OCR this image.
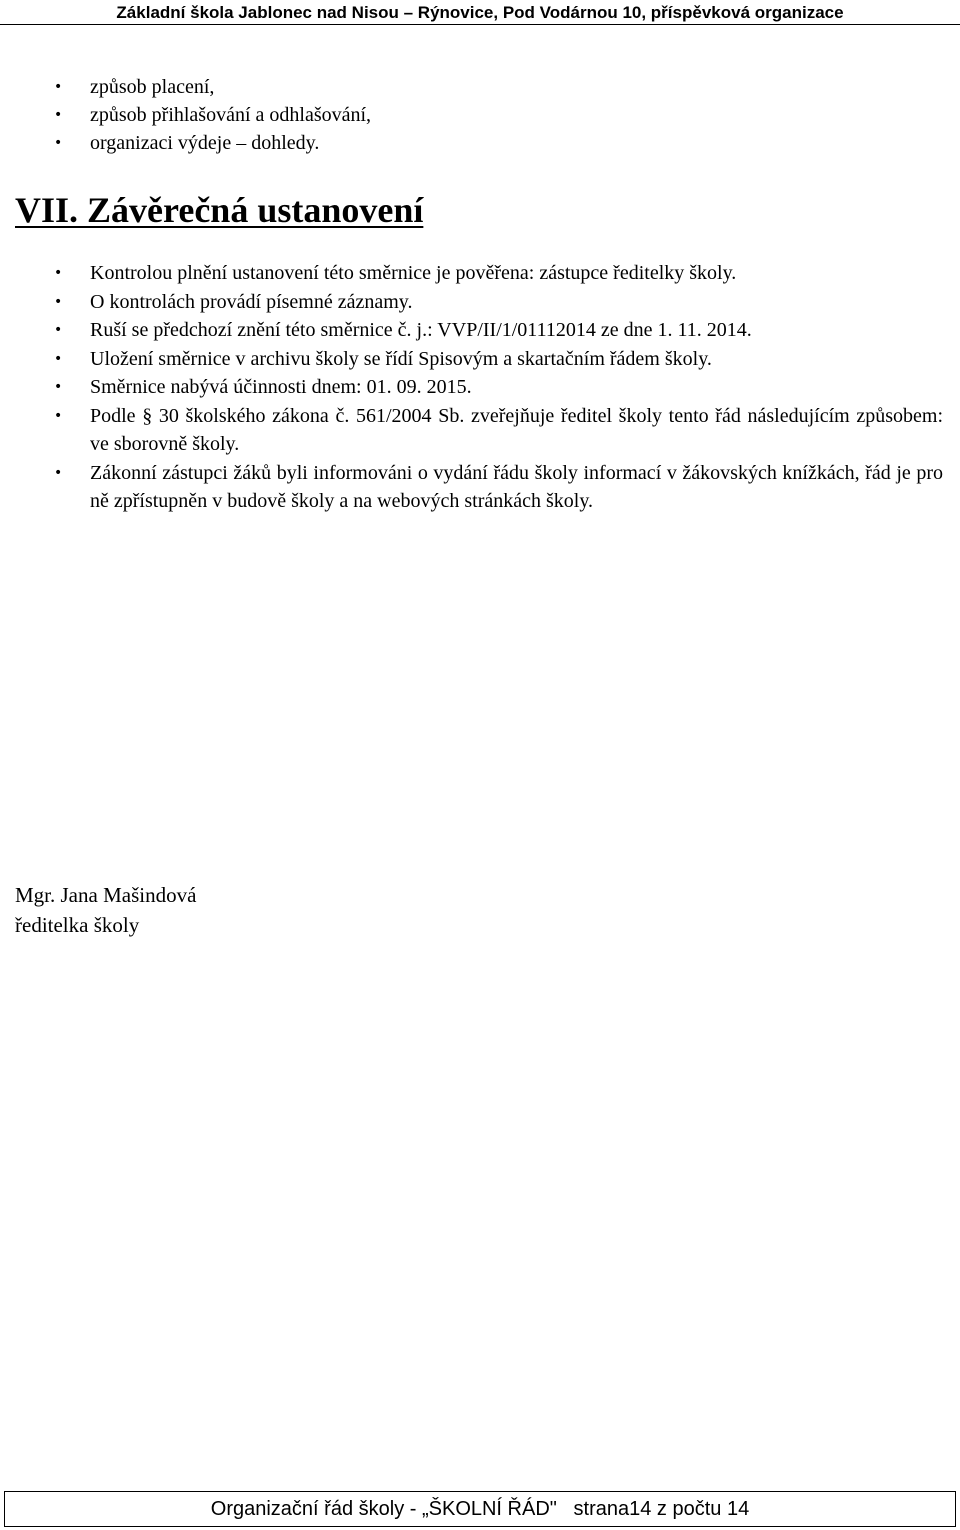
Základní škola Jablonec nad Nisou – Rýnovice, Pod Vodárnou 10, příspěvková organizace
• způsob placení,
• způsob přihlašování a odhlašování,
• organizaci výdeje – dohledy.
VII. Závěrečná ustanovení
• Kontrolou plnění ustanovení této směrnice je pověřena: zástupce ředitelky školy.
• O kontrolách provádí písemné záznamy.
• Ruší se předchozí znění této směrnice č. j.: VVP/II/1/01112014 ze dne 1. 11. 2014.
• Uložení směrnice v archivu školy se řídí Spisovým a skartačním řádem školy.
• Směrnice nabývá účinnosti dnem: 01. 09. 2015.
• Podle § 30 školského zákona č. 561/2004 Sb. zveřejňuje ředitel školy tento řád následujícím způsobem: ve sborovně školy.
• Zákonní zástupci žáků byli informováni o vydání řádu školy informací v žákovských knížkách, řád je pro ně zpřístupněn v budově školy a na webových stránkách školy.
Mgr. Jana Mašindová
ředitelka školy
Organizační řád školy - „ŠKOLNÍ ŘÁD"   strana14 z počtu 14
